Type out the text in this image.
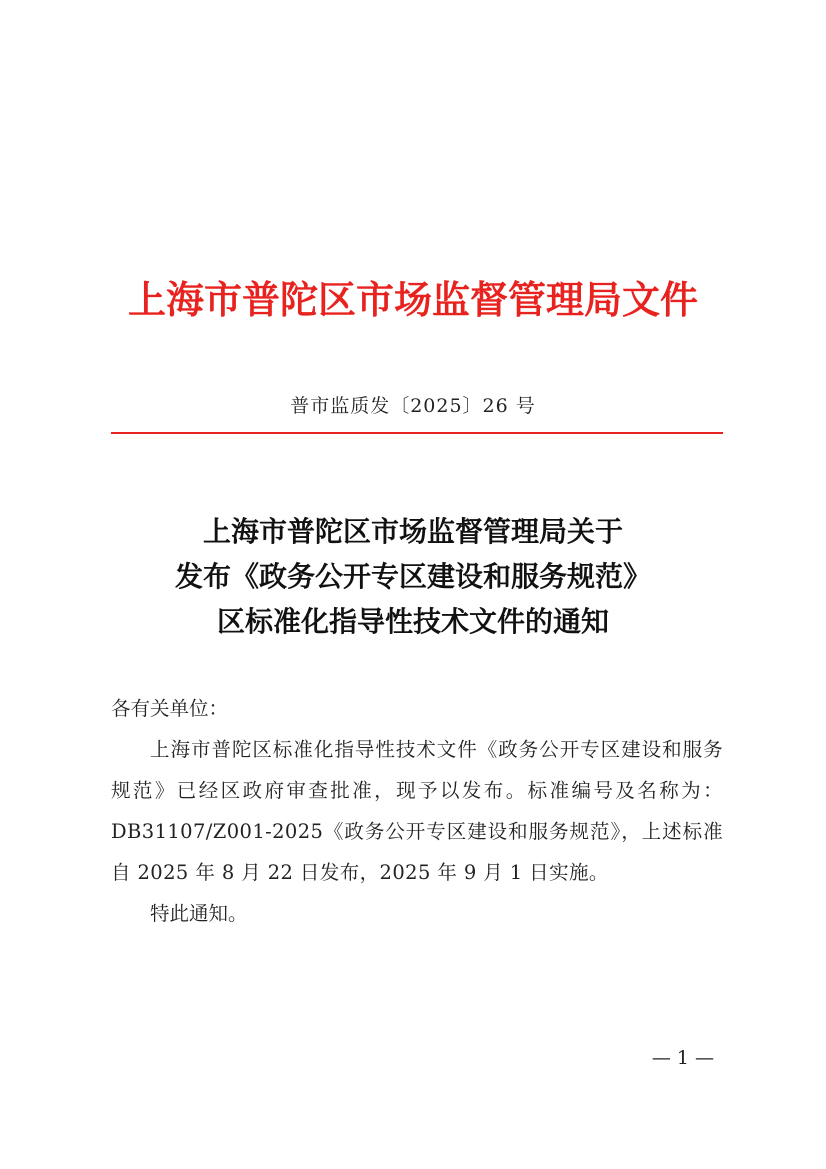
上海市普陀区市场监督管理局文件
普市监质发〔2025〕26 号
上海市普陀区市场监督管理局关于
发布《政务公开专区建设和服务规范》
区标准化指导性技术文件的通知

各有关单位：

上海市普陀区标准化指导性技术文件《政务公开专区建设和服务规范》已经区政府审查批准，现予以发布。标准编号及名称为：DB31107/Z001-2025《政务公开专区建设和服务规范》，上述标准自 2025 年 8 月 22 日发布，2025 年 9 月 1 日实施。

特此通知。

— 1 —
